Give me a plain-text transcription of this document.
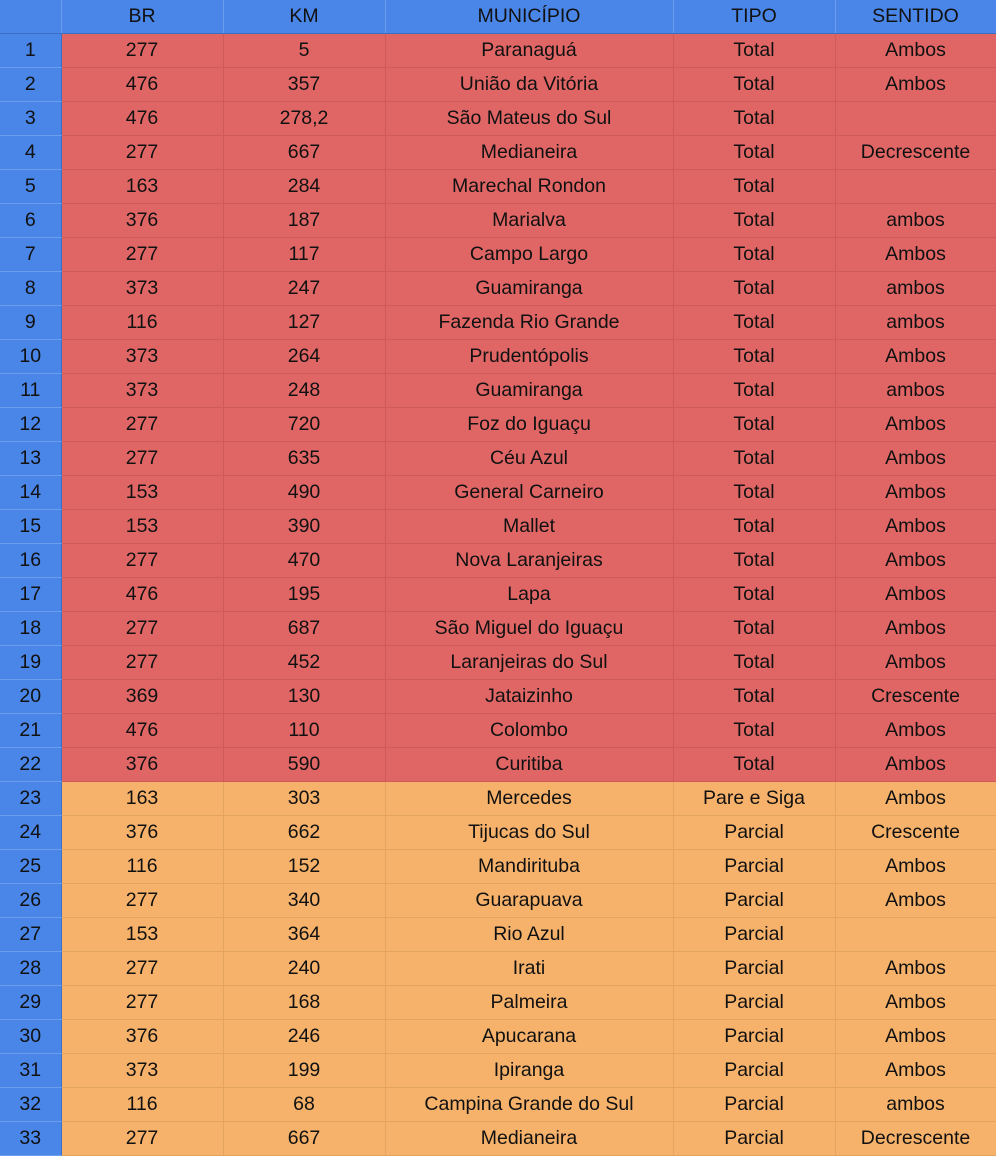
	BR	KM	MUNICÍPIO	TIPO	SENTIDO
1	277	5	Paranaguá	Total	Ambos
2	476	357	União da Vitória	Total	Ambos
3	476	278,2	São Mateus do Sul	Total	
4	277	667	Medianeira	Total	Decrescente
5	163	284	Marechal Rondon	Total	
6	376	187	Marialva	Total	ambos
7	277	117	Campo Largo	Total	Ambos
8	373	247	Guamiranga	Total	ambos
9	116	127	Fazenda Rio Grande	Total	ambos
10	373	264	Prudentópolis	Total	Ambos
11	373	248	Guamiranga	Total	ambos
12	277	720	Foz do Iguaçu	Total	Ambos
13	277	635	Céu Azul	Total	Ambos
14	153	490	General Carneiro	Total	Ambos
15	153	390	Mallet	Total	Ambos
16	277	470	Nova Laranjeiras	Total	Ambos
17	476	195	Lapa	Total	Ambos
18	277	687	São Miguel do Iguaçu	Total	Ambos
19	277	452	Laranjeiras do Sul	Total	Ambos
20	369	130	Jataizinho	Total	Crescente
21	476	110	Colombo	Total	Ambos
22	376	590	Curitiba	Total	Ambos
23	163	303	Mercedes	Pare e Siga	Ambos
24	376	662	Tijucas do Sul	Parcial	Crescente
25	116	152	Mandirituba	Parcial	Ambos
26	277	340	Guarapuava	Parcial	Ambos
27	153	364	Rio Azul	Parcial	
28	277	240	Irati	Parcial	Ambos
29	277	168	Palmeira	Parcial	Ambos
30	376	246	Apucarana	Parcial	Ambos
31	373	199	Ipiranga	Parcial	Ambos
32	116	68	Campina Grande do Sul	Parcial	ambos
33	277	667	Medianeira	Parcial	Decrescente
